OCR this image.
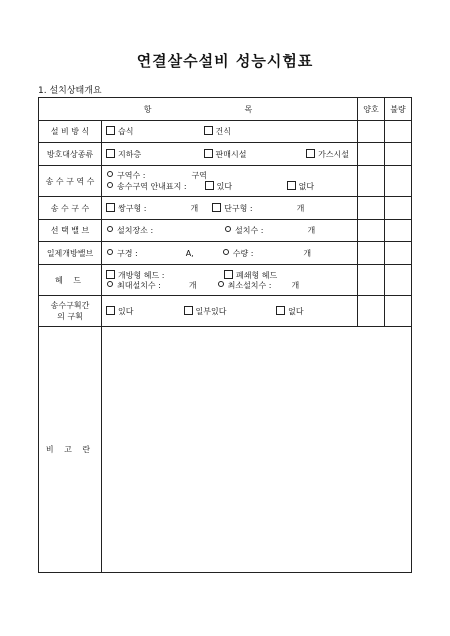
연결살수설비 성능시험표
1. 설치상태개요
항 목		양호	불량
설 비 방 식	습식 건식		
방호대상종류	지하층 판매시설 가스시설		
송 수 구 역 수	구역수 : 구역
송수구역 안내표지 : 있다 없다		

송 수 구 수	쌍구형 : 개 단구형 : 개		
선 택 밸 브	설치장소 : 설치수 : 개		
일제개방밸브	구경 : A, 수량 : 개		
헤 드	개방형 헤드 : 폐쇄형 헤드
최대설치수 : 개 최소설치수 : 개		

송수구획간
의 구획	있다 일부있다 없다		
비 고 란			
